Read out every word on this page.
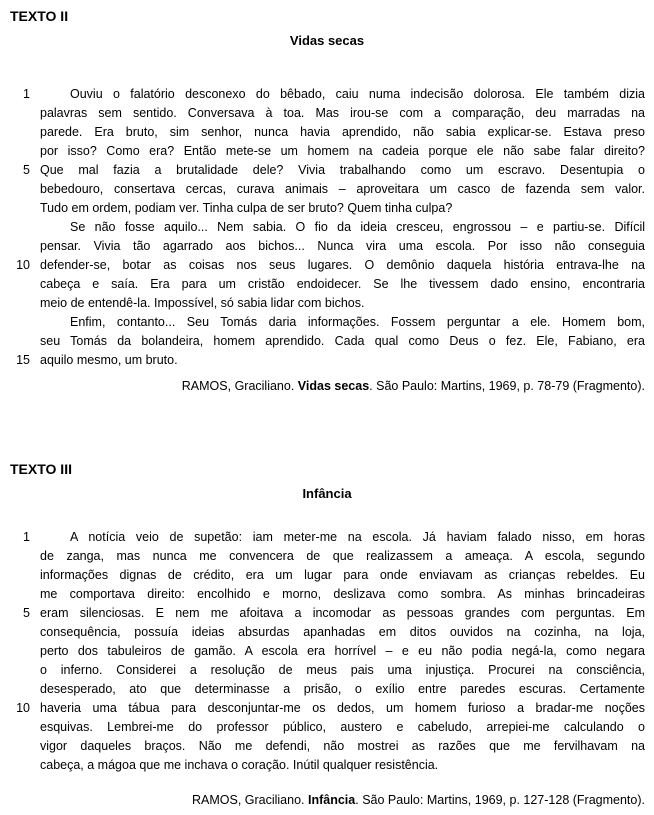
TEXTO II
Vidas secas
1	Ouviu o falatório desconexo do bêbado, caiu numa indecisão dolorosa. Ele também dizia
palavras sem sentido. Conversava à toa. Mas irou-se com a comparação, deu marradas na
parede. Era bruto, sim senhor, nunca havia aprendido, não sabia explicar-se. Estava preso
por isso? Como era? Então mete-se um homem na cadeia porque ele não sabe falar direito?
5 Que mal fazia a brutalidade dele? Vivia trabalhando como um escravo. Desentupia o
bebedouro, consertava cercas, curava animais – aproveitara um casco de fazenda sem valor.
Tudo em ordem, podiam ver. Tinha culpa de ser bruto? Quem tinha culpa?
Se não fosse aquilo... Nem sabia. O fio da ideia cresceu, engrossou – e partiu-se. Difícil
pensar. Vivia tão agarrado aos bichos... Nunca vira uma escola. Por isso não conseguia
10 defender-se, botar as coisas nos seus lugares. O demônio daquela história entrava-lhe na
cabeça e saía. Era para um cristão endoidecer. Se lhe tivessem dado ensino, encontraria
meio de entendê-la. Impossível, só sabia lidar com bichos.
Enfim, contanto... Seu Tomás daria informações. Fossem perguntar a ele. Homem bom,
seu Tomás da bolandeira, homem aprendido. Cada qual como Deus o fez. Ele, Fabiano, era
15 aquilo mesmo, um bruto.
RAMOS, Graciliano. Vidas secas. São Paulo: Martins, 1969, p. 78-79 (Fragmento).
TEXTO III
Infância
1	A notícia veio de supetão: iam meter-me na escola. Já haviam falado nisso, em horas
de zanga, mas nunca me convencera de que realizassem a ameaça. A escola, segundo
informações dignas de crédito, era um lugar para onde enviavam as crianças rebeldes. Eu
me comportava direito: encolhido e morno, deslizava como sombra. As minhas brincadeiras
5 eram silenciosas. E nem me afoitava a incomodar as pessoas grandes com perguntas. Em
consequência, possuía ideias absurdas apanhadas em ditos ouvidos na cozinha, na loja,
perto dos tabuleiros de gamão. A escola era horrível – e eu não podia negá-la, como negara
o inferno. Considerei a resolução de meus pais uma injustiça. Procurei na consciência,
desesperado, ato que determinasse a prisão, o exílio entre paredes escuras. Certamente
10 haveria uma tábua para desconjuntar-me os dedos, um homem furioso a bradar-me noções
esquivas. Lembrei-me do professor público, austero e cabeludo, arrepiei-me calculando o
vigor daqueles braços. Não me defendi, não mostrei as razões que me fervilhavam na
cabeça, a mágoa que me inchava o coração. Inútil qualquer resistência.
RAMOS, Graciliano. Infância. São Paulo: Martins, 1969, p. 127-128 (Fragmento).
